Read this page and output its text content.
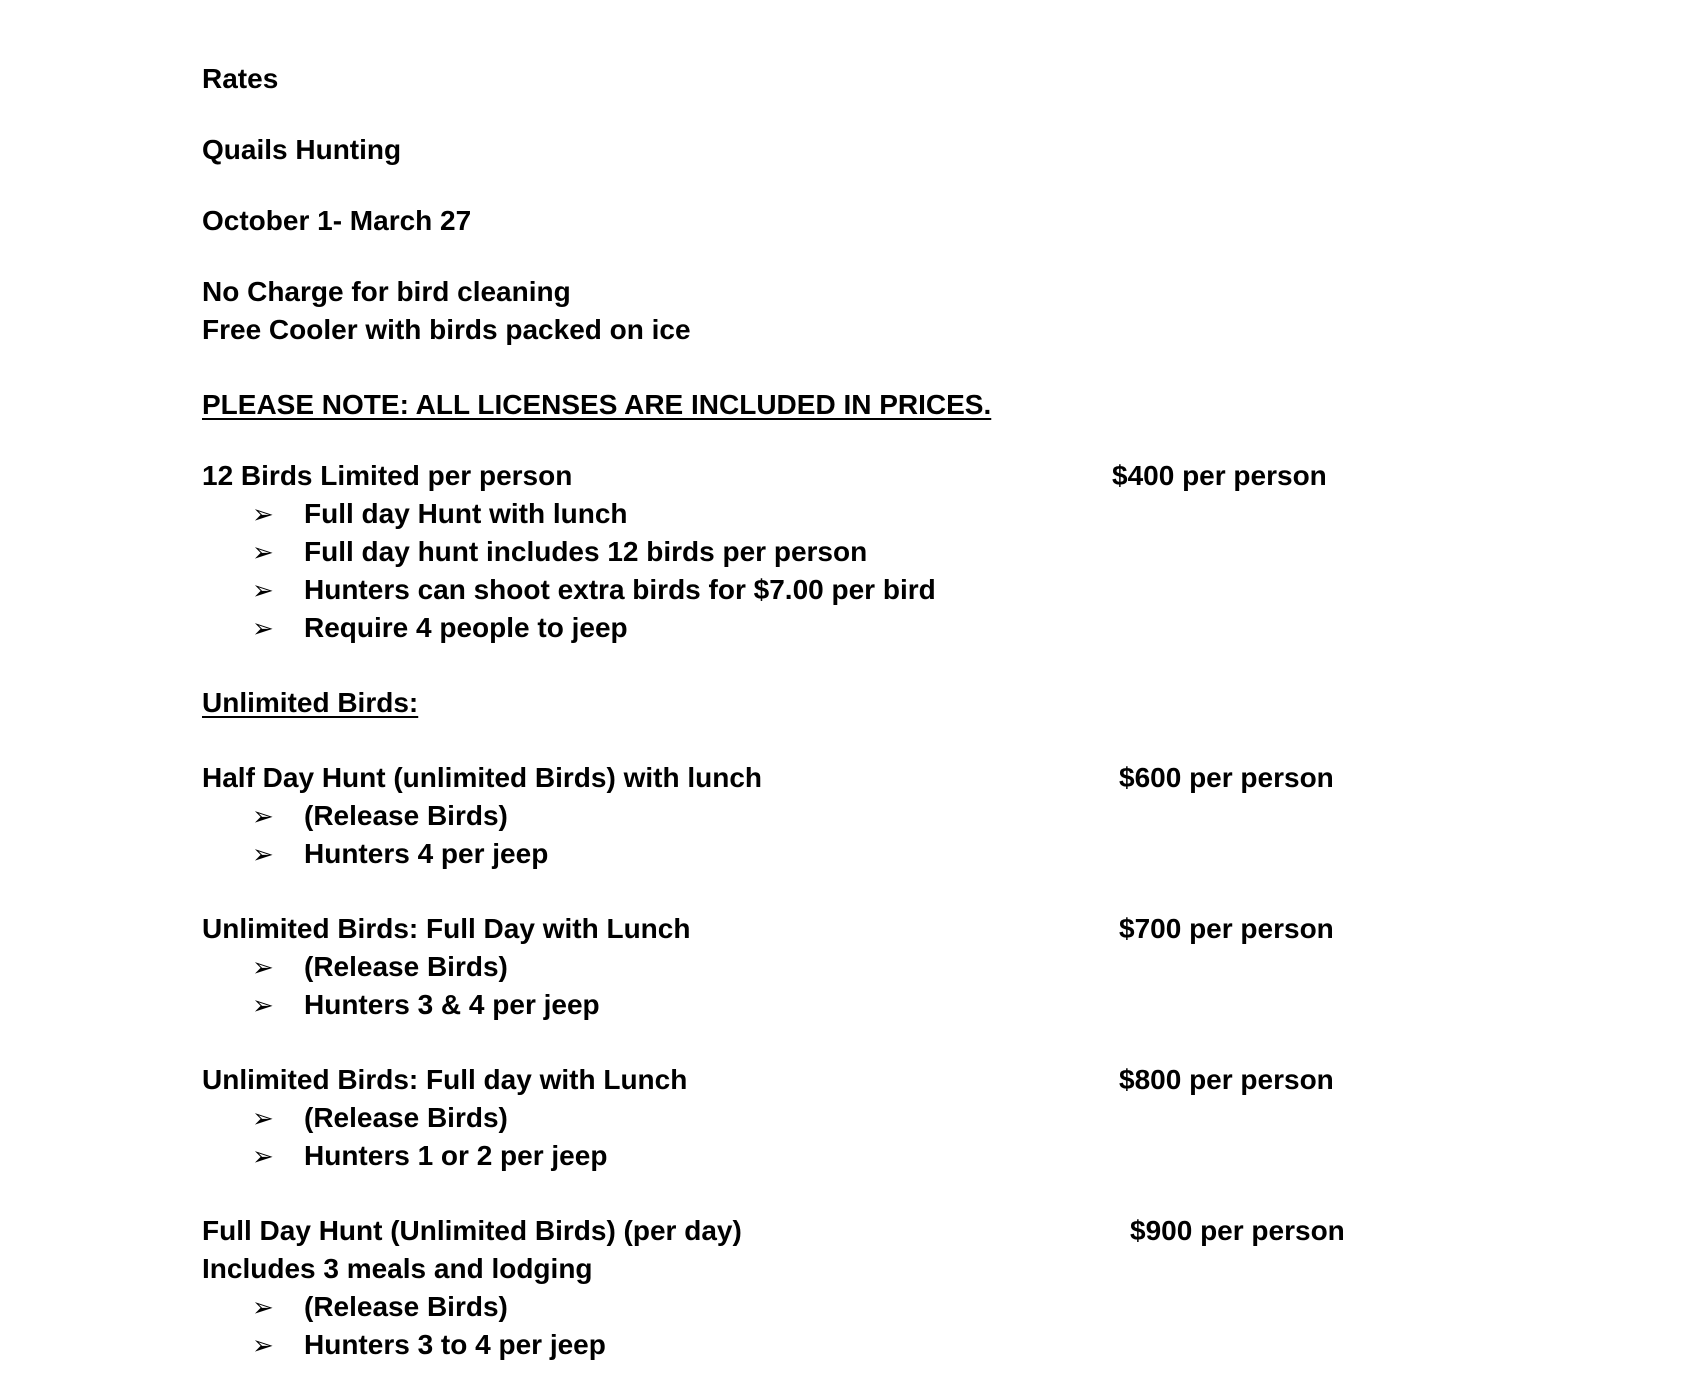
Rates
Quails Hunting
October 1- March 27
No Charge for bird cleaning
Free Cooler with birds packed on ice
PLEASE NOTE: ALL LICENSES ARE INCLUDED IN PRICES.
12 Birds Limited per person	$400 per person
➢ Full day Hunt with lunch
➢ Full day hunt includes 12 birds per person
➢ Hunters can shoot extra birds for $7.00 per bird
➢ Require 4 people to jeep
Unlimited Birds:
Half Day Hunt (unlimited Birds) with lunch	$600 per person
➢ (Release Birds)
➢ Hunters 4 per jeep
Unlimited Birds: Full Day with Lunch	$700 per person
➢ (Release Birds)
➢ Hunters 3 & 4 per jeep
Unlimited Birds: Full day with Lunch	$800 per person
➢ (Release Birds)
➢ Hunters 1 or 2 per jeep
Full Day Hunt (Unlimited Birds) (per day)	$900 per person
Includes 3 meals and lodging
➢ (Release Birds)
➢ Hunters 3 to 4 per jeep
